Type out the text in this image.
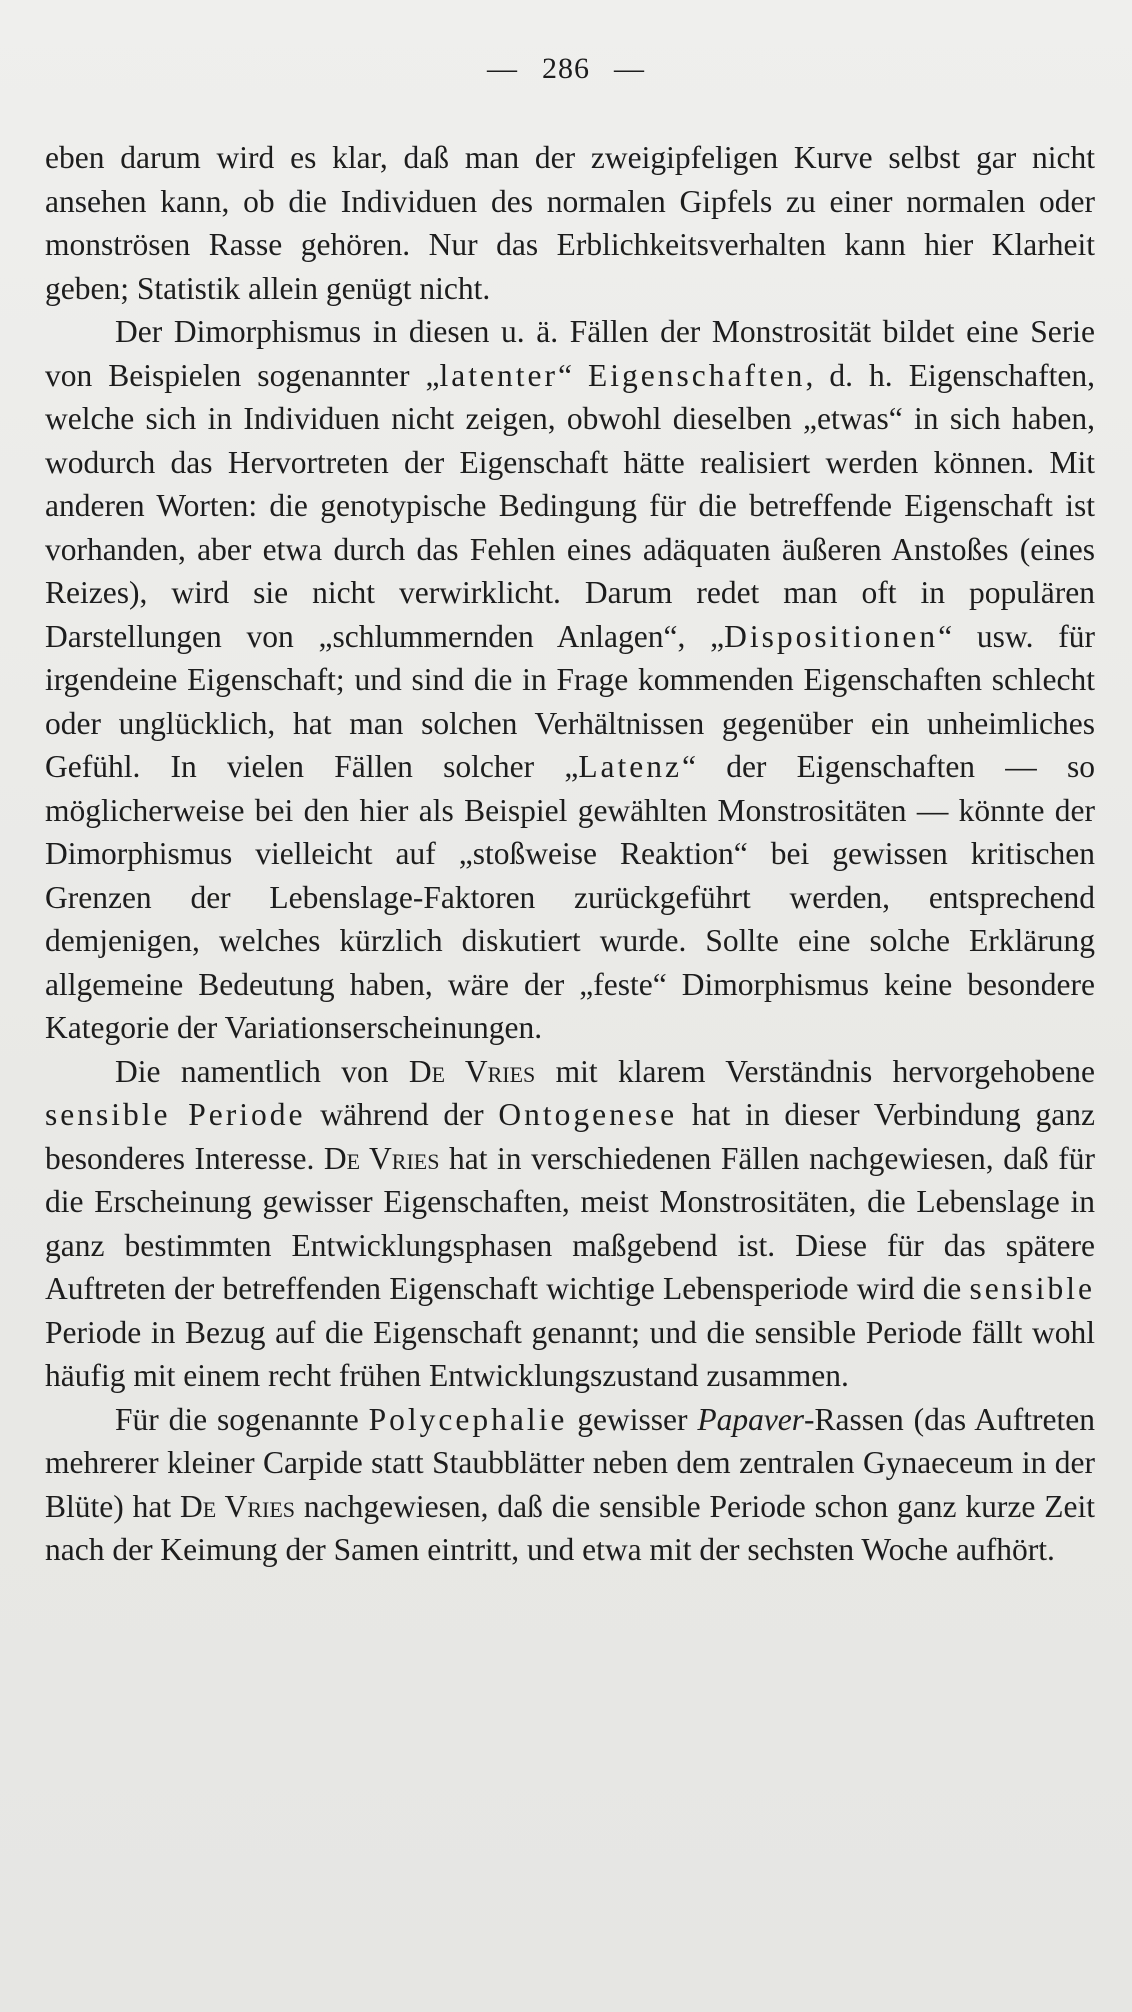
— 286 —

eben darum wird es klar, daß man der zweigipfeligen Kurve selbst gar nicht ansehen kann, ob die Individuen des normalen Gipfels zu einer normalen oder monströsen Rasse gehören. Nur das Erblichkeitsverhalten kann hier Klarheit geben; Statistik allein genügt nicht.

Der Dimorphismus in diesen u. ä. Fällen der Monstrosität bildet eine Serie von Beispielen sogenannter „latenter“ Eigenschaften, d. h. Eigenschaften, welche sich in Individuen nicht zeigen, obwohl dieselben „etwas“ in sich haben, wodurch das Hervortreten der Eigenschaft hätte realisiert werden können. Mit anderen Worten: die genotypische Bedingung für die betreffende Eigenschaft ist vorhanden, aber etwa durch das Fehlen eines adäquaten äußeren Anstoßes (eines Reizes), wird sie nicht verwirklicht. Darum redet man oft in populären Darstellungen von „schlummernden Anlagen“, „Dispositionen“ usw. für irgendeine Eigenschaft; und sind die in Frage kommenden Eigenschaften schlecht oder unglücklich, hat man solchen Verhältnissen gegenüber ein unheimliches Gefühl. In vielen Fällen solcher „Latenz“ der Eigenschaften — so möglicherweise bei den hier als Beispiel gewählten Monstrositäten — könnte der Dimorphismus vielleicht auf „stoßweise Reaktion“ bei gewissen kritischen Grenzen der Lebenslage-Faktoren zurückgeführt werden, entsprechend demjenigen, welches kürzlich diskutiert wurde. Sollte eine solche Erklärung allgemeine Bedeutung haben, wäre der „feste“ Dimorphismus keine besondere Kategorie der Variationserscheinungen.

Die namentlich von De Vries mit klarem Verständnis hervorgehobene sensible Periode während der Ontogenese hat in dieser Verbindung ganz besonderes Interesse. De Vries hat in verschiedenen Fällen nachgewiesen, daß für die Erscheinung gewisser Eigenschaften, meist Monstrositäten, die Lebenslage in ganz bestimmten Entwicklungsphasen maßgebend ist. Diese für das spätere Auftreten der betreffenden Eigenschaft wichtige Lebensperiode wird die sensible Periode in Bezug auf die Eigenschaft genannt; und die sensible Periode fällt wohl häufig mit einem recht frühen Entwicklungszustand zusammen.

Für die sogenannte Polycephalie gewisser Papaver-Rassen (das Auftreten mehrerer kleiner Carpide statt Staubblätter neben dem zentralen Gynaeceum in der Blüte) hat De Vries nachgewiesen, daß die sensible Periode schon ganz kurze Zeit nach der Keimung der Samen eintritt, und etwa mit der sechsten Woche aufhört.
